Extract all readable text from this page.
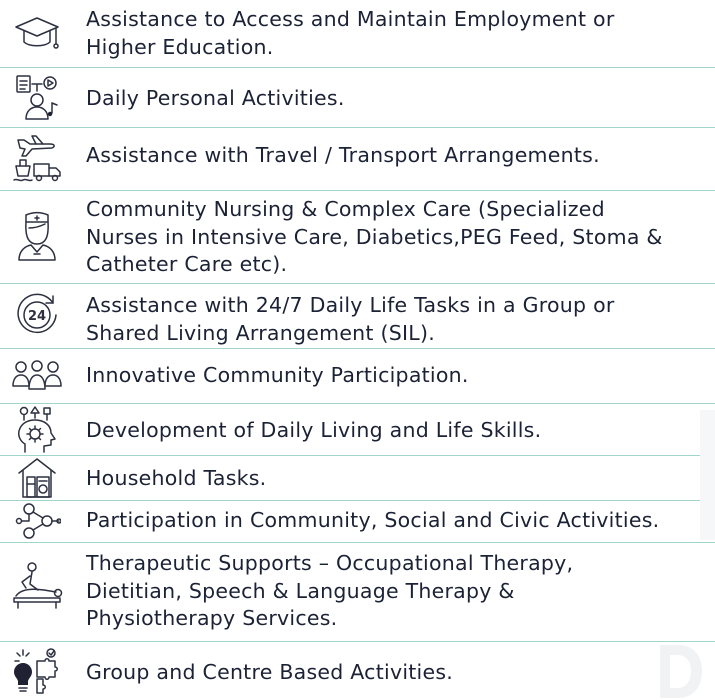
Assistance to Access and Maintain Employment or
Higher Education.
Daily Personal Activities.
Assistance with Travel / Transport Arrangements.
Community Nursing & Complex Care (Specialized
Nurses in Intensive Care, Diabetics,PEG Feed, Stoma &
Catheter Care etc).
24 Assistance with 24/7 Daily Life Tasks in a Group or
Shared Living Arrangement (SIL).
Innovative Community Participation.
Development of Daily Living and Life Skills.
Household Tasks.
Participation in Community, Social and Civic Activities.
Therapeutic Supports – Occupational Therapy,
Dietitian, Speech & Language Therapy &
Physiotherapy Services.
Group and Centre Based Activities.
